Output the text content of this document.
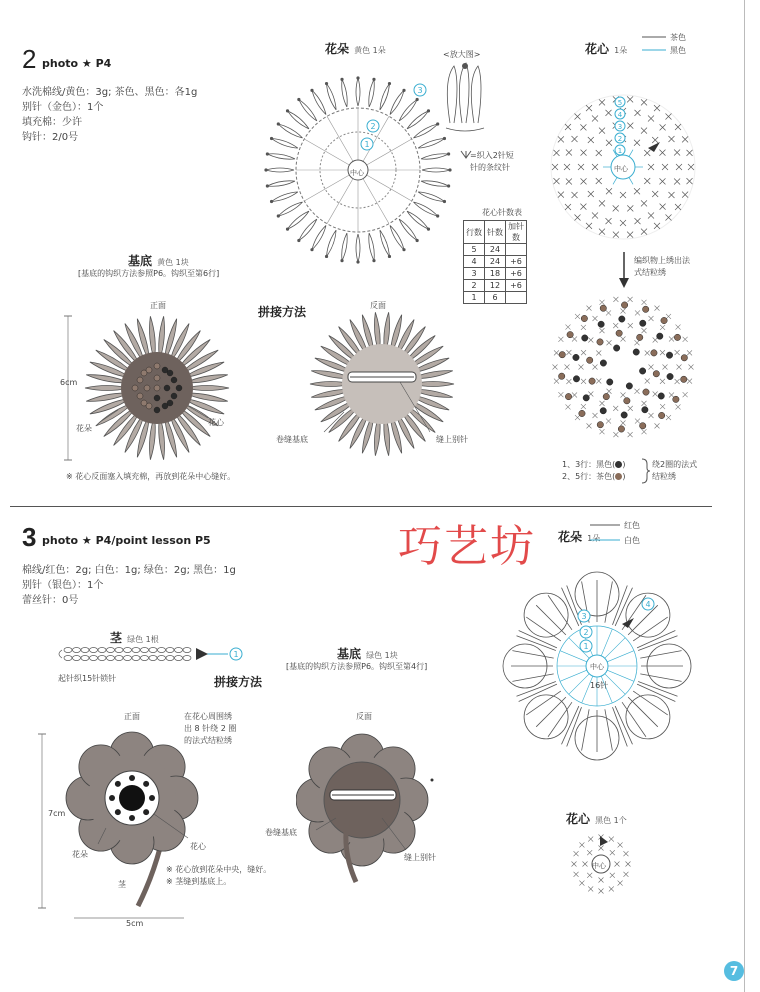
2 photo ★ P4
水洗棉线/黄色：3g; 茶色、黑色：各1g
别针（金色）：1个
填充棉：少许
钩针：2/0号
花朵 黄色 1朵	<放大图>
2
1
3
中心
=织入2针短
针的条纹针
花心 1朵
茶色
黑色
5
4
3
2
1
中心
花心针数表
行数	针数	加针数
5	24	
4	24	+6
3	18	+6
2	12	+6
1	6	
编织物上绣出法
式结粒绣
1、3行：黑色( )
2、5行：茶色( )
绕2圈的法式
结粒绣
基底 黄色 1块
[基底的钩织方法参照P6。钩织至第6行]
拼接方法
正面	反面
6cm
花朵
花心
卷缝基底	缝上别针
※ 花心反面塞入填充棉，再放到花朵中心缝好。
巧艺坊
3 photo ★ P4/point lesson P5
棉线/红色：2g; 白色：1g; 绿色：2g; 黑色：1g
别针（银色）：1个
蕾丝针：0号
花朵 1朵
红色
白色
4
3
2
1
中心
16针
茎 绿色 1根
1
起针织15针锁针
基底 绿色 1块
[基底的钩织方法参照P6。钩织至第4行]
拼接方法
正面	反面
在花心周围绣
出 8 针绕 2 圈
的法式结粒绣
7cm
5cm
花朵
花心
茎
※ 花心放到花朵中央，缝好。
※ 茎缝到基底上。
卷缝基底
缝上别针
花心 黑色 1个
中心
7
